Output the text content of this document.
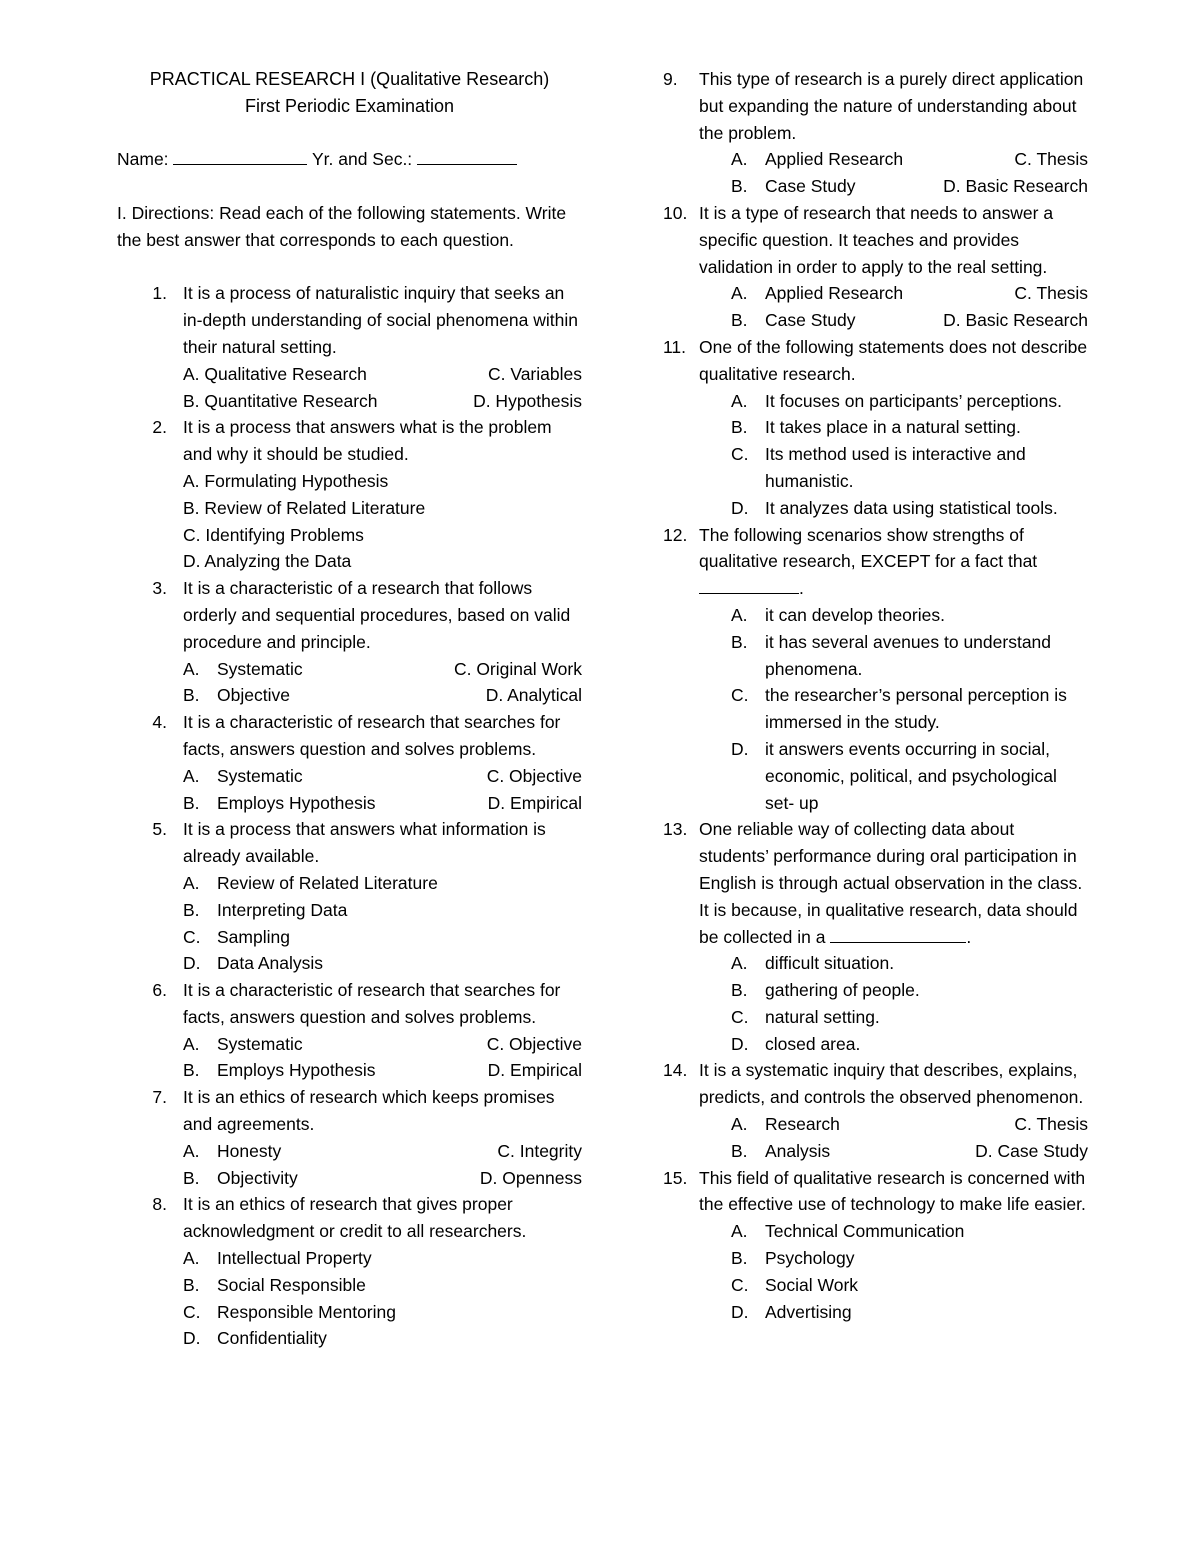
PRACTICAL RESEARCH I (Qualitative Research)
First Periodic Examination
Name:	Yr. and Sec.:
I. Directions: Read each of the following statements. Write the best answer that corresponds to each question.
1. It is a process of naturalistic inquiry that seeks an in-depth understanding of social phenomena within their natural setting.
A. Qualitative Research	C. Variables
B. Quantitative Research	D. Hypothesis
2. It is a process that answers what is the problem and why it should be studied.
A. Formulating Hypothesis
B. Review of Related Literature
C. Identifying Problems
D. Analyzing the Data
3. It is a characteristic of a research that follows orderly and sequential procedures, based on valid procedure and principle.
A. Systematic	C. Original Work
B. Objective	D. Analytical
4. It is a characteristic of research that searches for facts, answers question and solves problems.
A. Systematic	C. Objective
B. Employs Hypothesis	D. Empirical
5. It is a process that answers what information is already available.
A. Review of Related Literature
B. Interpreting Data
C. Sampling
D. Data Analysis
6. It is a characteristic of research that searches for facts, answers question and solves problems.
A. Systematic	C. Objective
B. Employs Hypothesis	D. Empirical
7. It is an ethics of research which keeps promises and agreements.
A. Honesty	C. Integrity
B. Objectivity	D. Openness
8. It is an ethics of research that gives proper acknowledgment or credit to all researchers.
A. Intellectual Property
B. Social Responsible
C. Responsible Mentoring
D. Confidentiality
9.	This type of research is a purely direct application but expanding the nature of understanding about the problem.
A. Applied Research	C. Thesis
B. Case Study	D. Basic Research
10. It is a type of research that needs to answer a specific question. It teaches and provides validation in order to apply to the real setting.
A. Applied Research	C. Thesis
B. Case Study	D. Basic Research
11. One of the following statements does not describe qualitative research.
A. It focuses on participants’ perceptions.
B. It takes place in a natural setting.
C. Its method used is interactive and humanistic.
D. It analyzes data using statistical tools.
12. The following scenarios show strengths of qualitative research, EXCEPT for a fact that .
A. it can develop theories.
B. it has several avenues to understand phenomena.
C. the researcher’s personal perception is immersed in the study.
D. it answers events occurring in social, economic, political, and psychological set- up
13. One reliable way of collecting data about students’ performance during oral participation in English is through actual observation in the class. It is because, in qualitative research, data should be collected in a	.
A. difficult situation.
B. gathering of people.
C. natural setting.
D. closed area.
14. It is a systematic inquiry that describes, explains, predicts, and controls the observed phenomenon.
A. Research	C. Thesis
B. Analysis	D. Case Study
15. This field of qualitative research is concerned with the effective use of technology to make life easier.
A. Technical Communication
B. Psychology
C. Social Work
D. Advertising
